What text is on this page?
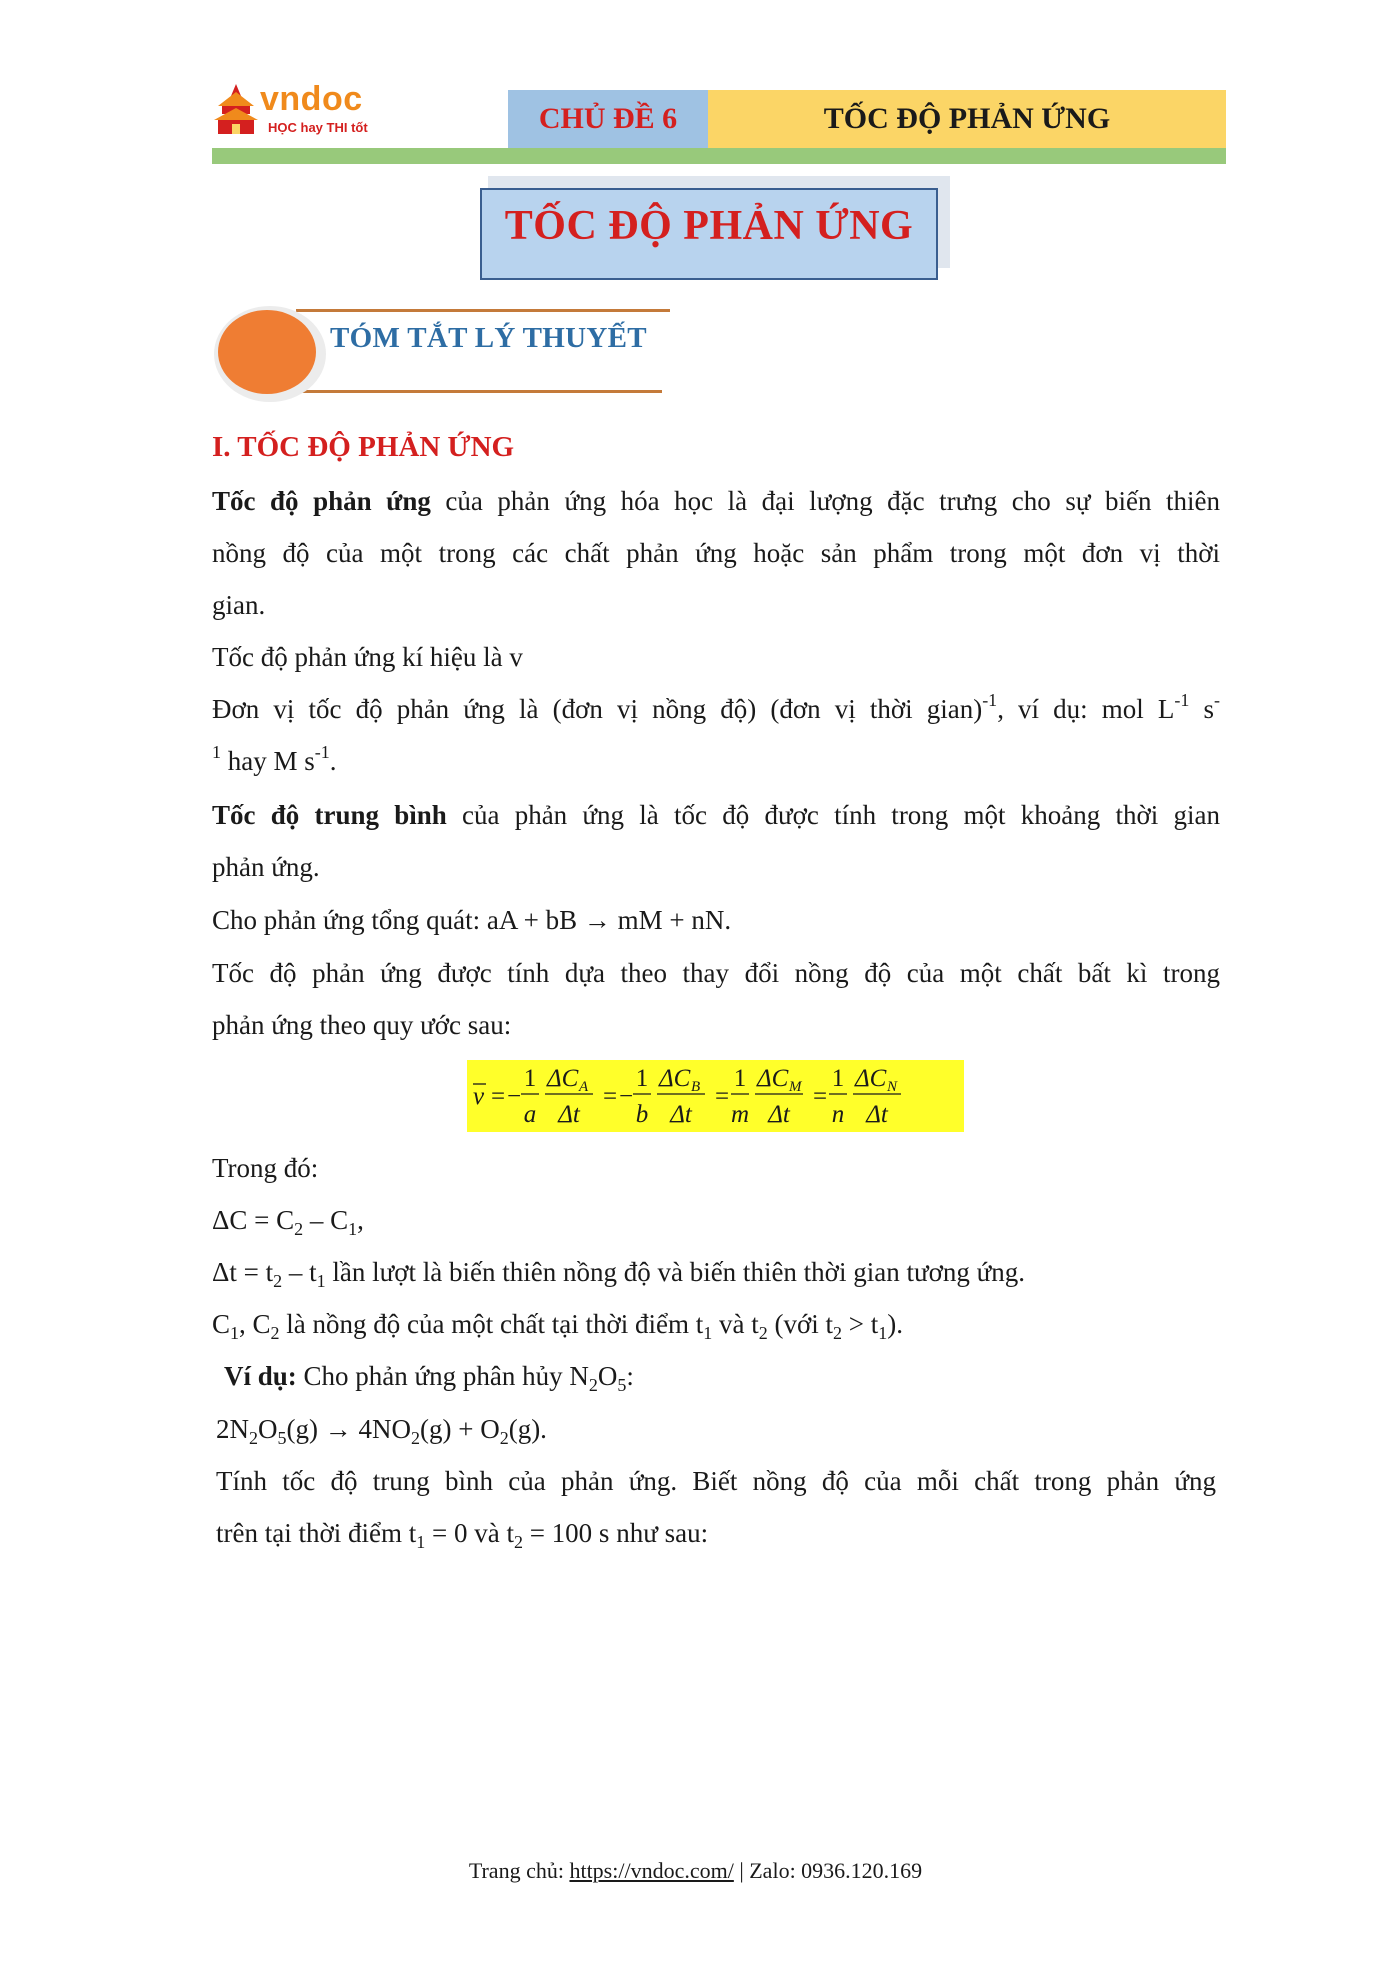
vndoc
HỌC hay THI tốt	CHỦ ĐỀ 6	TỐC ĐỘ PHẢN ỨNG
TỐC ĐỘ PHẢN ỨNG
TÓM TẮT LÝ THUYẾT
I. TỐC ĐỘ PHẢN ỨNG
Tốc độ phản ứng của phản ứng hóa học là đại lượng đặc trưng cho sự biến thiên
nồng độ của một trong các chất phản ứng hoặc sản phẩm trong một đơn vị thời
gian.
Tốc độ phản ứng kí hiệu là v
Đơn vị tốc độ phản ứng là (đơn vị nồng độ) (đơn vị thời gian)$^{-1}$, ví dụ: mol $L^{-1}$ s-
$^1$ hay M $s^{-1}$.
Tốc độ trung bình của phản ứng là tốc độ được tính trong một khoảng thời gian
phản ứng.
Cho phản ứng tổng quát: aA + bB → mM + nN.
Tốc độ phản ứng được tính dựa theo thay đổi nồng độ của một chất bất kì trong
phản ứng theo quy ước sau:
v = −
1
a
ΔC A
Δt
= −
1
b
ΔC B
Δt
=
1
m
ΔC M
Δt
=
1
n
ΔC N
Δt
Trong đó:
$\Delta C = C_2 - C_1$,
$\Delta t = t_2 - t_1$ lần lượt là biến thiên nồng độ và biến thiên thời gian tương ứng.
$C_1$, $C_2$ là nồng độ của một chất tại thời điểm $t_1$ và $t_2$ (với $t_2 > t_1$).
Ví dụ: Cho phản ứng phân hủy $N_2O_5$:
$2N_2O_5(g) \to 4NO_2(g) + O_2(g)$.
Tính tốc độ trung bình của phản ứng. Biết nồng độ của mỗi chất trong phản ứng
trên tại thời điểm $t_1 = 0$ và $t_2 = 100$ s như sau:
Trang chủ: https://vndoc.com/ | Zalo: 0936.120.169
